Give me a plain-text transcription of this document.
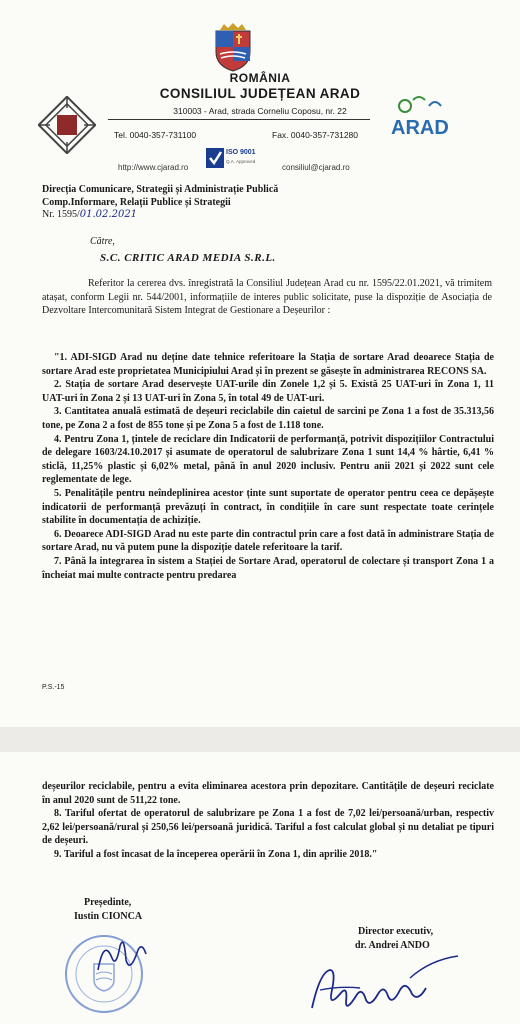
ROMÂNIA
CONSILIUL JUDEȚEAN ARAD
310003 - Arad, strada Corneliu Coposu, nr. 22
ARAD
Tel. 0040-357-731100	Fax. 0040-357-731280
ISO 9001
Q.A. Approved
http://www.cjarad.ro	consiliul@cjarad.ro
Direcția Comunicare, Strategii și Administrație Publică
Comp.Informare, Relații Publice și Strategii
Nr. 1595/01.02.2021
Către,
S.C. CRITIC ARAD MEDIA S.R.L.
Referitor la cererea dvs. înregistrată la Consiliul Județean Arad cu nr. 1595/22.01.2021, vă trimitem atașat, conform Legii nr. 544/2001, informațiile de interes public solicitate, puse la dispoziție de Asociația de Dezvoltare Intercomunitară Sistem Integrat de Gestionare a Deșeurilor :

"1. ADI-SIGD Arad nu deține date tehnice referitoare la Stația de sortare Arad deoarece Stația de sortare Arad este proprietatea Municipiului Arad și în prezent se găsește în administrarea RECONS SA.

2. Stația de sortare Arad deservește UAT-urile din Zonele 1,2 și 5. Există 25 UAT-uri în Zona 1, 11 UAT-uri în Zona 2 și 13 UAT-uri în Zona 5, în total 49 de UAT-uri.

3. Cantitatea anuală estimată de deșeuri reciclabile din caietul de sarcini pe Zona 1 a fost de 35.313,56 tone, pe Zona 2 a fost de 855 tone și pe Zona 5 a fost de 1.118 tone.

4. Pentru Zona 1, țintele de reciclare din Indicatorii de performanță, potrivit dispozițiilor Contractului de delegare 1603/24.10.2017 și asumate de operatorul de salubrizare Zona 1 sunt 14,4 % hârtie, 6,41 % sticlă, 11,25% plastic și 6,02% metal, până în anul 2020 inclusiv. Pentru anii 2021 și 2022 sunt cele reglementate de lege.

5. Penalitățile pentru neîndeplinirea acestor ținte sunt suportate de operator pentru ceea ce depășește indicatorii de performanță prevăzuți în contract, în condițiile în care sunt respectate toate cerințele stabilite în documentația de achiziție.

6. Deoarece ADI-SIGD Arad nu este parte din contractul prin care a fost dată în administrare Stația de sortare Arad, nu vă putem pune la dispoziție datele referitoare la tarif.

7. Până la integrarea în sistem a Stației de Sortare Arad, operatorul de colectare și transport Zona 1 a încheiat mai multe contracte pentru predarea

P.S.-15

deșeurilor reciclabile, pentru a evita eliminarea acestora prin depozitare. Cantitățile de deșeuri reciclate în anul 2020 sunt de 511,22 tone.

8. Tariful ofertat de operatorul de salubrizare pe Zona 1 a fost de 7,02 lei/persoană/urban, respectiv 2,62 lei/persoană/rural și 250,56 lei/persoană juridică. Tariful a fost calculat global și nu detaliat pe tipuri de deșeuri.

9. Tariful a fost încasat de la începerea operării în Zona 1, din aprilie 2018."

Președinte,
Iustin CIONCA
Director executiv,
dr. Andrei ANDO
